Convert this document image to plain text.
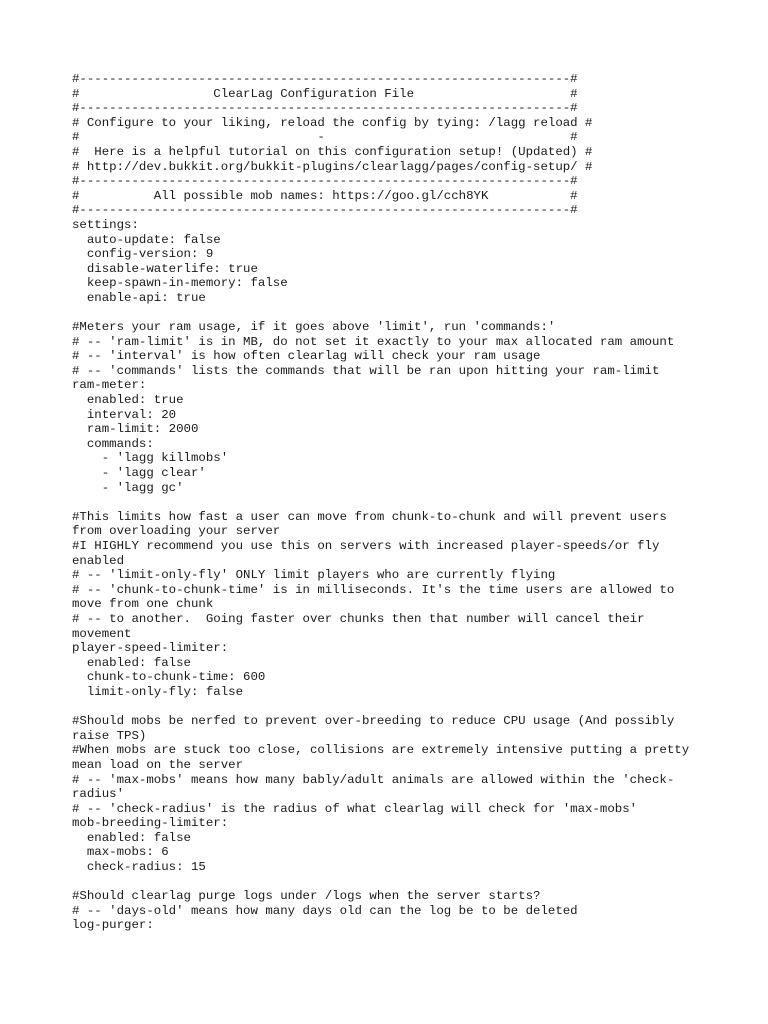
#------------------------------------------------------------------#
#                  ClearLag Configuration File                     #
#------------------------------------------------------------------#
# Configure to your liking, reload the config by tying: /lagg reload #
#                                -                                 #
#  Here is a helpful tutorial on this configuration setup! (Updated) #
# http://dev.bukkit.org/bukkit-plugins/clearlagg/pages/config-setup/ #
#------------------------------------------------------------------#
#          All possible mob names: https://goo.gl/cch8YK           #
#------------------------------------------------------------------#
settings:
auto-update: false
config-version: 9
disable-waterlife: true
keep-spawn-in-memory: false
enable-api: true
#Meters your ram usage, if it goes above 'limit', run 'commands:'
# -- 'ram-limit' is in MB, do not set it exactly to your max allocated ram amount
# -- 'interval' is how often clearlag will check your ram usage
# -- 'commands' lists the commands that will be ran upon hitting your ram-limit
ram-meter:
enabled: true
interval: 20
ram-limit: 2000
commands:
- 'lagg killmobs'
- 'lagg clear'
- 'lagg gc'
#This limits how fast a user can move from chunk-to-chunk and will prevent users
from overloading your server
#I HIGHLY recommend you use this on servers with increased player-speeds/or fly
enabled
# -- 'limit-only-fly' ONLY limit players who are currently flying
# -- 'chunk-to-chunk-time' is in milliseconds. It's the time users are allowed to
move from one chunk
# -- to another.  Going faster over chunks then that number will cancel their
movement
player-speed-limiter:
enabled: false
chunk-to-chunk-time: 600
limit-only-fly: false
#Should mobs be nerfed to prevent over-breeding to reduce CPU usage (And possibly
raise TPS)
#When mobs are stuck too close, collisions are extremely intensive putting a pretty
mean load on the server
# -- 'max-mobs' means how many bably/adult animals are allowed within the 'check-
radius'
# -- 'check-radius' is the radius of what clearlag will check for 'max-mobs'
mob-breeding-limiter:
enabled: false
max-mobs: 6
check-radius: 15
#Should clearlag purge logs under /logs when the server starts?
# -- 'days-old' means how many days old can the log be to be deleted
log-purger:
